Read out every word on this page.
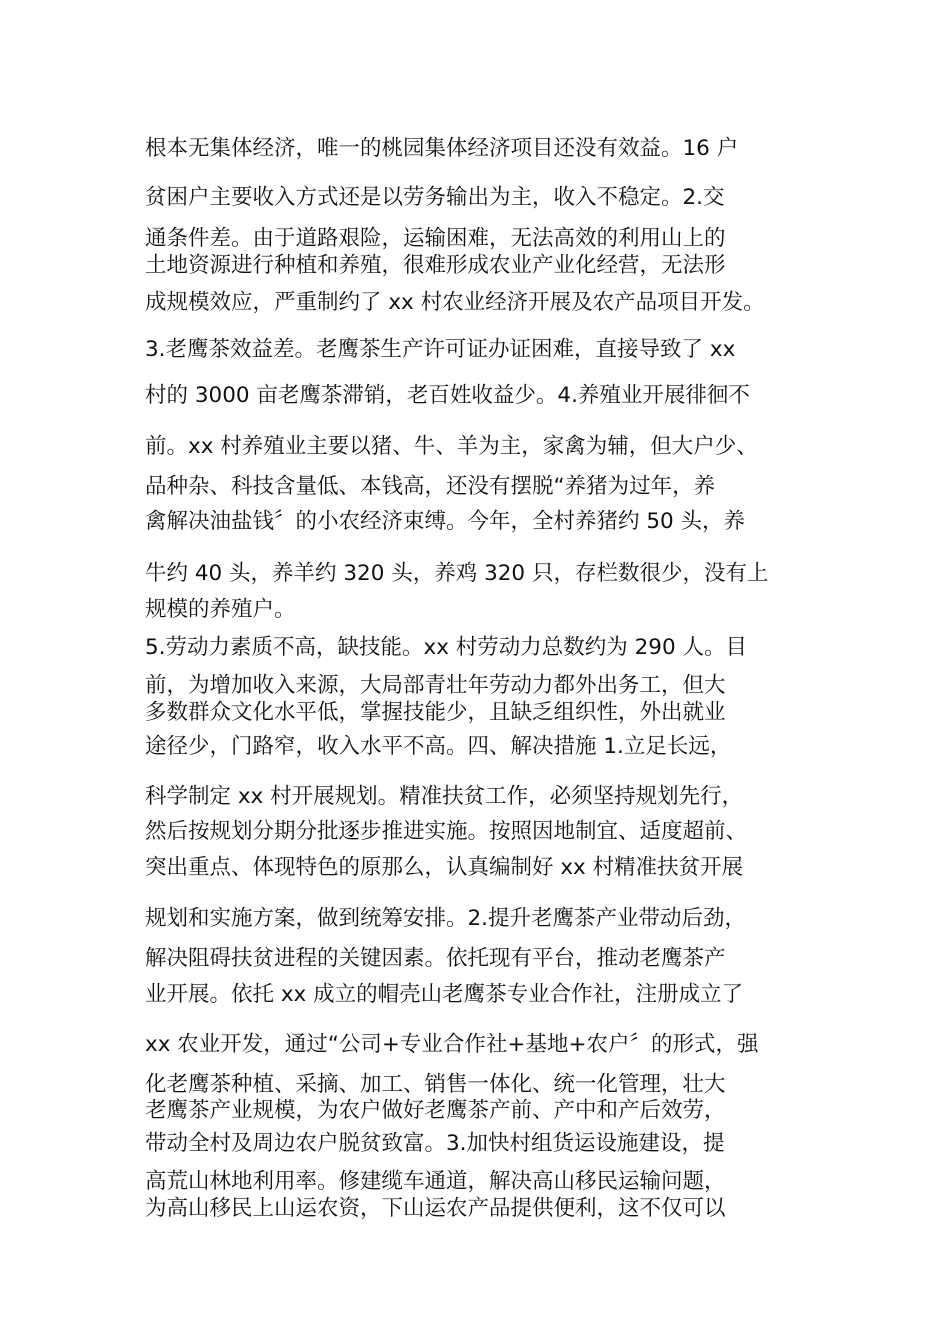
根本无集体经济，唯一的桃园集体经济项目还没有效益。16 户
贫困户主要收入方式还是以劳务输出为主，收入不稳定。2.交
通条件差。由于道路艰险，运输困难，无法高效的利用山上的
土地资源进行种植和养殖，很难形成农业产业化经营，无法形
成规模效应，严重制约了 xx 村农业经济开展及农产品项目开发。
3.老鹰茶效益差。老鹰茶生产许可证办证困难，直接导致了 xx
村的 3000 亩老鹰茶滞销，老百姓收益少。4.养殖业开展徘徊不
前。xx 村养殖业主要以猪、牛、羊为主，家禽为辅，但大户少、
品种杂、科技含量低、本钱高，还没有摆脱“养猪为过年，养
禽解决油盐钱〞的小农经济束缚。今年，全村养猪约 50 头，养
牛约 40 头，养羊约 320 头，养鸡 320 只，存栏数很少，没有上
规模的养殖户。
5.劳动力素质不高，缺技能。xx 村劳动力总数约为 290 人。目
前，为增加收入来源，大局部青壮年劳动力都外出务工，但大
多数群众文化水平低，掌握技能少，且缺乏组织性，外出就业
途径少，门路窄，收入水平不高。四、解决措施 1.立足长远，
科学制定 xx 村开展规划。精准扶贫工作，必须坚持规划先行，
然后按规划分期分批逐步推进实施。按照因地制宜、适度超前、
突出重点、体现特色的原那么，认真编制好 xx 村精准扶贫开展
规划和实施方案，做到统筹安排。2.提升老鹰茶产业带动后劲，
解决阻碍扶贫进程的关键因素。依托现有平台，推动老鹰茶产
业开展。依托 xx 成立的帽壳山老鹰茶专业合作社，注册成立了
xx 农业开发，通过“公司+专业合作社+基地+农户〞的形式，强
化老鹰茶种植、采摘、加工、销售一体化、统一化管理，壮大
老鹰茶产业规模，为农户做好老鹰茶产前、产中和产后效劳，
带动全村及周边农户脱贫致富。3.加快村组货运设施建设，提
高荒山林地利用率。修建缆车通道，解决高山移民运输问题，
为高山移民上山运农资，下山运农产品提供便利，这不仅可以
